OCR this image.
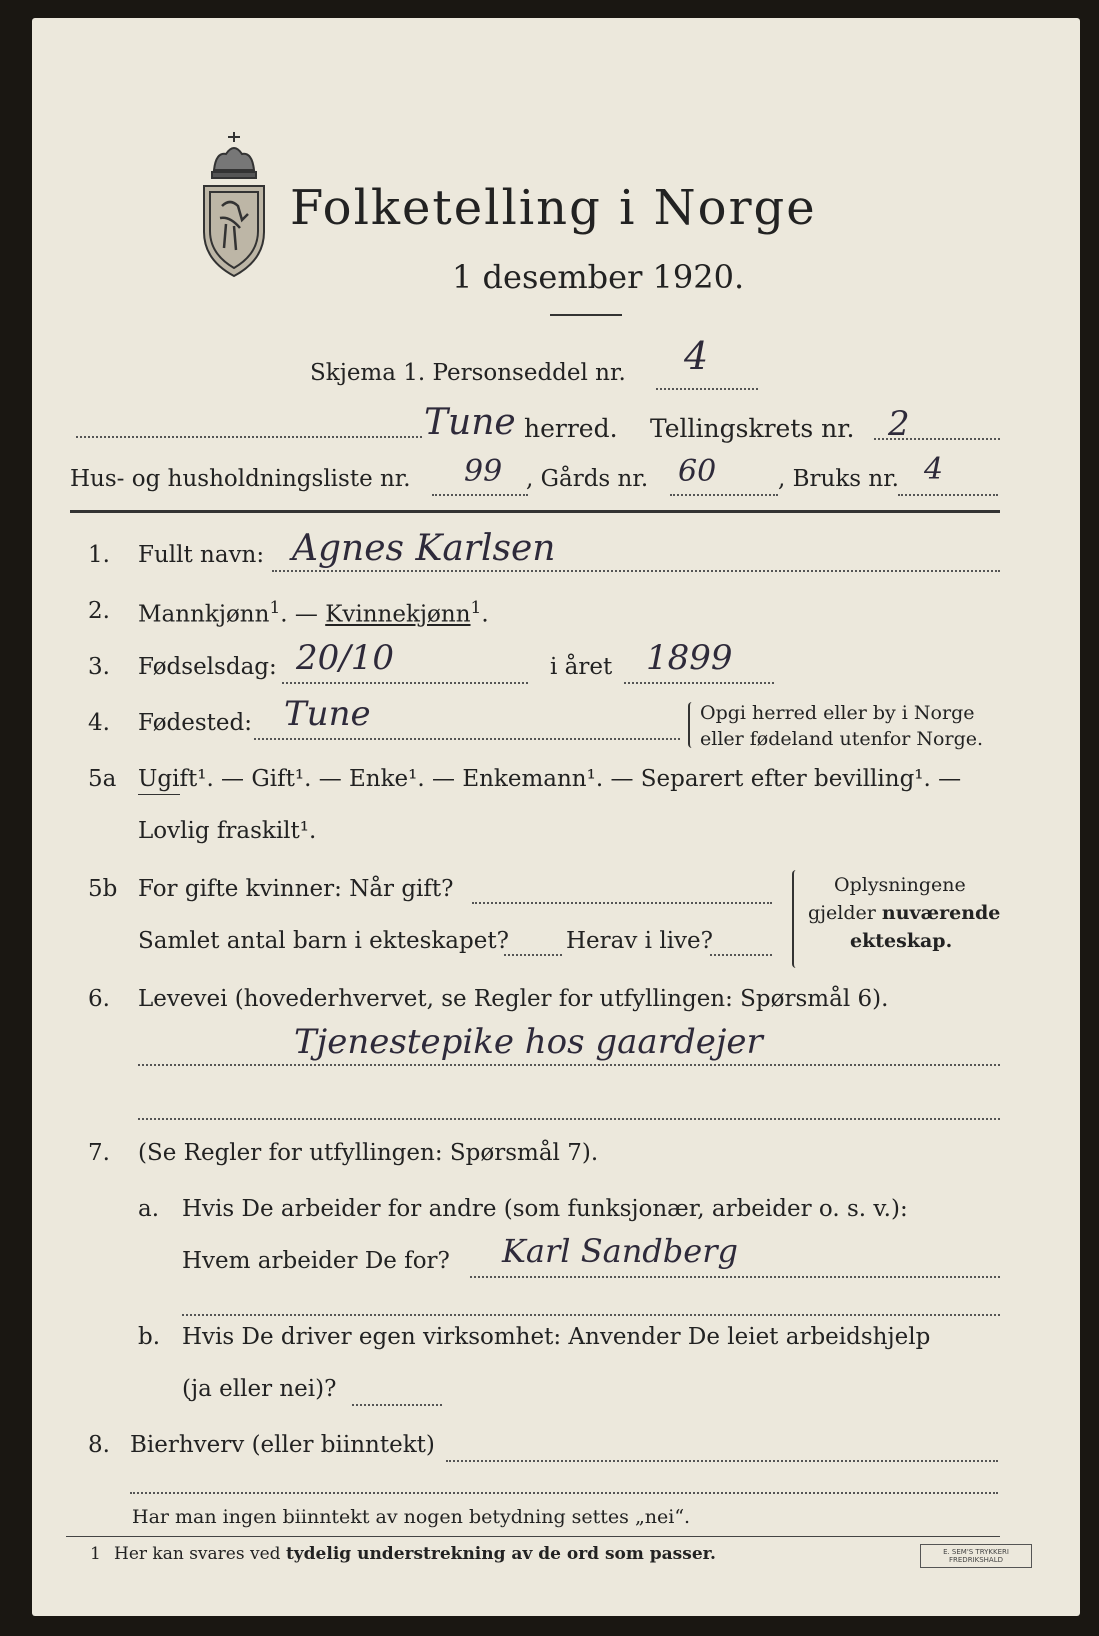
Folketelling i Norge
1 desember 1920.
Skjema 1. Personseddel nr. 4
Tune herred. Tellingskrets nr. 2
Hus- og husholdningsliste nr. 99 , Gårds nr. 60	, Bruks nr. 4
1. Fullt navn: Agnes Karlsen
2. Mannkjønn$^1$. — Kvinnekjønn$^1$.
3. Fødselsdag: 20/10	i året 1899
4. Fødested: Tune	Opgi herred eller by i Norge
eller fødeland utenfor Norge.
5a Ugift¹. — Gift¹. — Enke¹. — Enkemann¹. — Separert efter bevilling¹. —
Lovlig fraskilt¹.
5b For gifte kvinner: Når gift?
Samlet antal barn i ekteskapet? Herav i live?
Oplysningene
gjelder nuværende
ekteskap.
6. Levevei (hovederhvervet, se Regler for utfyllingen: Spørsmål 6).
Tjenestepike hos gaardejer
7. (Se Regler for utfyllingen: Spørsmål 7).
a. Hvis De arbeider for andre (som funksjonær, arbeider o. s. v.):
Hvem arbeider De for? Karl Sandberg
b. Hvis De driver egen virksomhet: Anvender De leiet arbeidshjelp
(ja eller nei)?
8. Bierhverv (eller biinntekt)
Har man ingen biinntekt av nogen betydning settes „nei“.
1 Her kan svares ved tydelig understrekning av de ord som passer.	E. SEM'S TRYKKERI
FREDRIKSHALD
